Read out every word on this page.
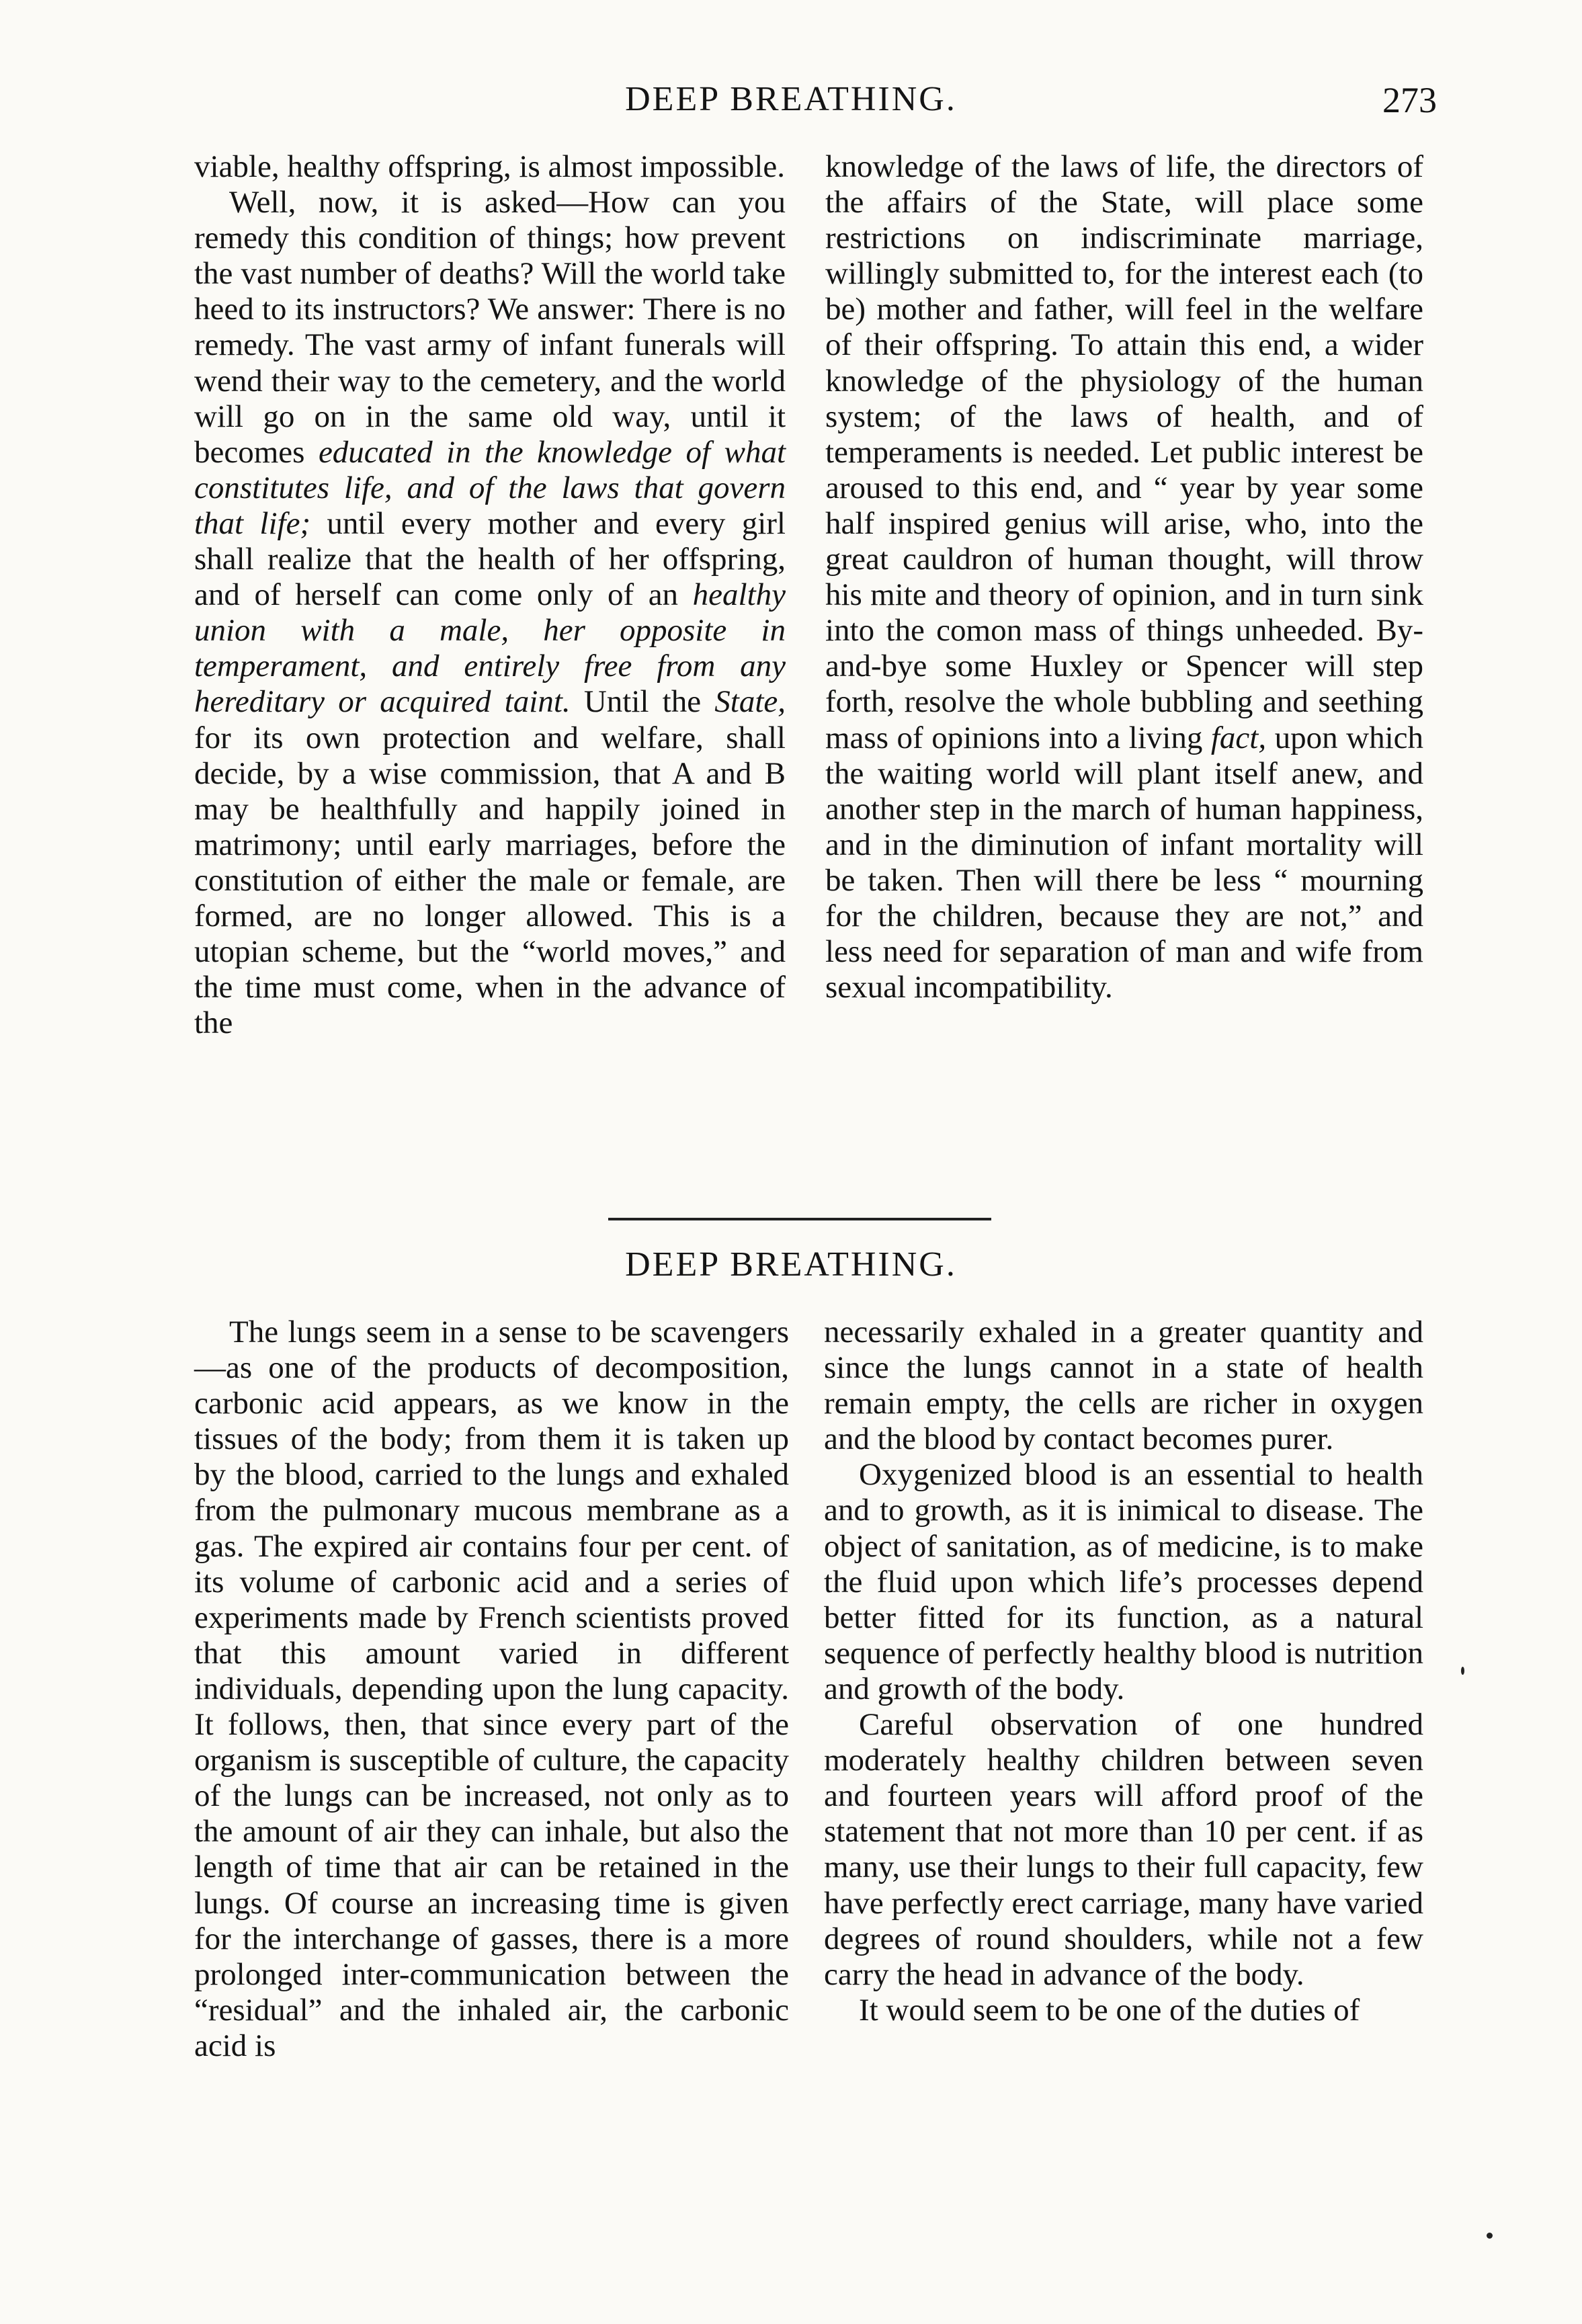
DEEP BREATHING.	273

viable, healthy offspring, is almost impossible.

Well, now, it is asked—How can you remedy this condition of things; how prevent the vast number of deaths? Will the world take heed to its instructors? We answer: There is no remedy. The vast army of infant funerals will wend their way to the cemetery, and the world will go on in the same old way, until it becomes educated in the knowledge of what constitutes life, and of the laws that govern that life; until every mother and every girl shall realize that the health of her offspring, and of herself can come only of an healthy union with a male, her opposite in temperament, and entirely free from any hereditary or acquired taint. Until the State, for its own protection and welfare, shall decide, by a wise commission, that A and B may be healthfully and happily joined in matrimony; until early marriages, before the constitution of either the male or female, are formed, are no longer allowed. This is a utopian scheme, but the “world moves,” and the time must come, when in the advance of the

knowledge of the laws of life, the directors of the affairs of the State, will place some restrictions on indiscriminate marriage, willingly submitted to, for the interest each (to be) mother and father, will feel in the welfare of their offspring. To attain this end, a wider knowledge of the physiology of the human system; of the laws of health, and of temperaments is needed. Let public interest be aroused to this end, and “ year by year some half inspired genius will arise, who, into the great cauldron of human thought, will throw his mite and theory of opinion, and in turn sink into the comon mass of things unheeded. By-and-bye some Huxley or Spencer will step forth, resolve the whole bubbling and seething mass of opinions into a living fact, upon which the waiting world will plant itself anew, and another step in the march of human happiness, and in the diminution of infant mortality will be taken. Then will there be less “ mourning for the children, because they are not,” and less need for separation of man and wife from sexual incompatibility.

DEEP BREATHING.

The lungs seem in a sense to be scavengers—as one of the products of decomposition, carbonic acid appears, as we know in the tissues of the body; from them it is taken up by the blood, carried to the lungs and exhaled from the pulmonary mucous membrane as a gas. The expired air contains four per cent. of its volume of carbonic acid and a series of experiments made by French scientists proved that this amount varied in different individuals, depending upon the lung capacity. It follows, then, that since every part of the organism is susceptible of culture, the capacity of the lungs can be increased, not only as to the amount of air they can inhale, but also the length of time that air can be retained in the lungs. Of course an increasing time is given for the interchange of gasses, there is a more prolonged inter-communication between the “residual” and the inhaled air, the carbonic acid is

necessarily exhaled in a greater quantity and since the lungs cannot in a state of health remain empty, the cells are richer in oxygen and the blood by contact becomes purer.

Oxygenized blood is an essential to health and to growth, as it is inimical to disease. The object of sanitation, as of medicine, is to make the fluid upon which life’s processes depend better fitted for its function, as a natural sequence of perfectly healthy blood is nutrition and growth of the body.

Careful observation of one hundred moderately healthy children between seven and fourteen years will afford proof of the statement that not more than 10 per cent. if as many, use their lungs to their full capacity, few have perfectly erect carriage, many have varied degrees of round shoulders, while not a few carry the head in advance of the body.

It would seem to be one of the duties of
